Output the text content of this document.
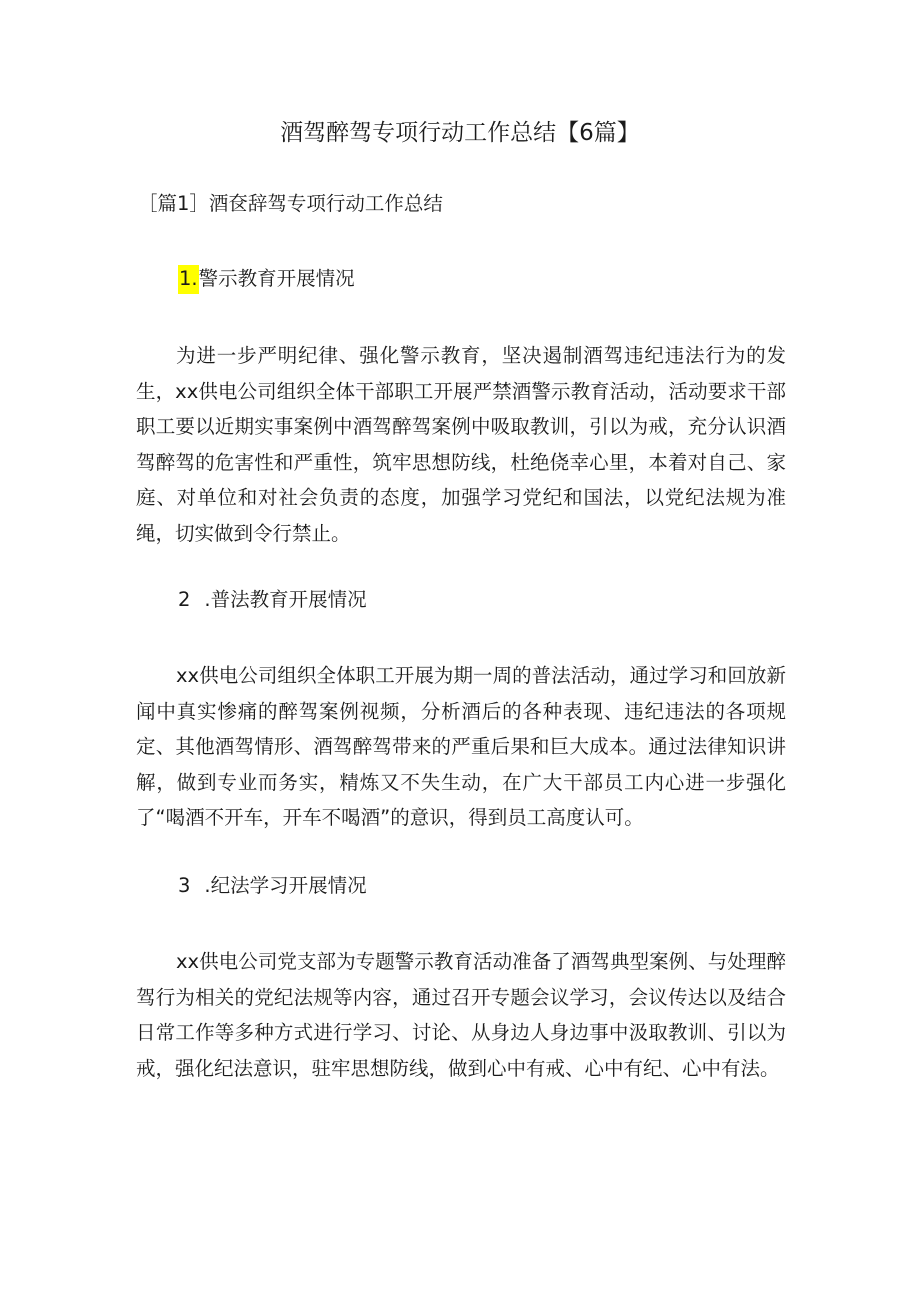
酒驾醉驾专项行动工作总结【6篇】
［篇1］酒奁辞驾专项行动工作总结
1.警示教育开展情况

为进一步严明纪律、强化警示教育，坚决遏制酒驾违纪违法行为的发生，xx供电公司组织全体干部职工开展严禁酒警示教育活动，活动要求干部职工要以近期实事案例中酒驾醉驾案例中吸取教训，引以为戒，充分认识酒驾醉驾的危害性和严重性，筑牢思想防线，杜绝侥幸心里，本着对自己、家庭、对单位和对社会负责的态度，加强学习党纪和国法，以党纪法规为准绳，切实做到令行禁止。

2 .普法教育开展情况

xx供电公司组织全体职工开展为期一周的普法活动，通过学习和回放新闻中真实惨痛的醉驾案例视频，分析酒后的各种表现、违纪违法的各项规定、其他酒驾情形、酒驾醉驾带来的严重后果和巨大成本。通过法律知识讲解，做到专业而务实，精炼又不失生动，在广大干部员工内心进一步强化了“喝酒不开车，开车不喝酒”的意识，得到员工高度认可。

3 .纪法学习开展情况

xx供电公司党支部为专题警示教育活动准备了酒驾典型案例、与处理醉驾行为相关的党纪法规等内容，通过召开专题会议学习，会议传达以及结合日常工作等多种方式进行学习、讨论、从身边人身边事中汲取教训、引以为戒，强化纪法意识，驻牢思想防线，做到心中有戒、心中有纪、心中有法。
